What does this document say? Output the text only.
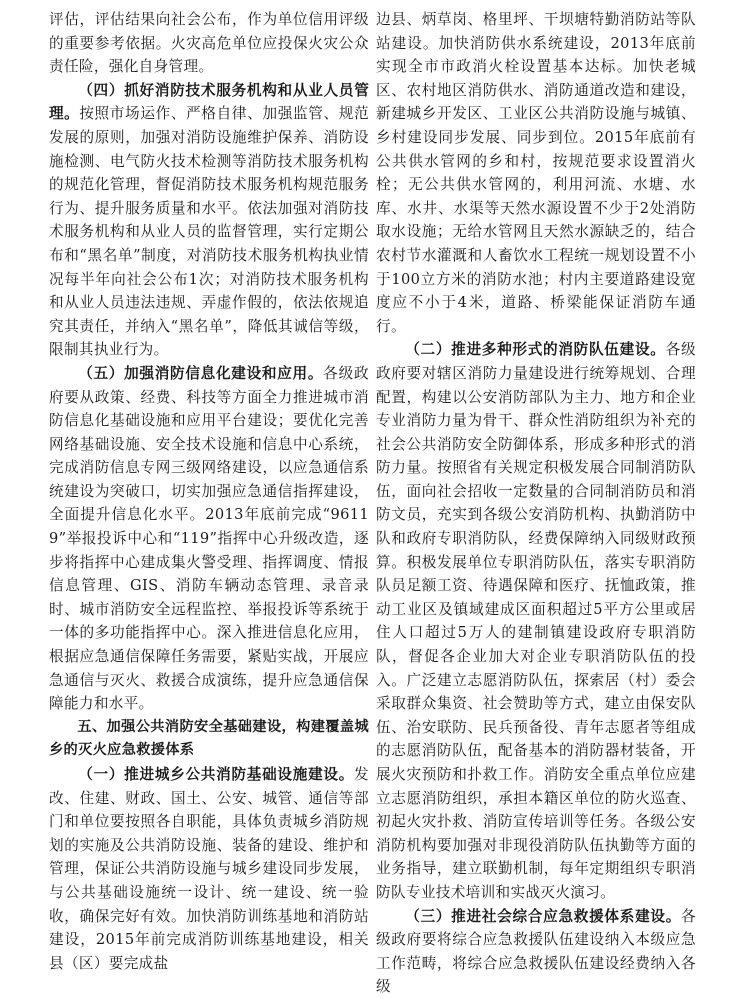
评估，评估结果向社会公布，作为单位信用评级的重要参考依据。火灾高危单位应投保火灾公众责任险，强化自身管理。

（四）抓好消防技术服务机构和从业人员管理。按照市场运作、严格自律、加强监管、规范发展的原则，加强对消防设施维护保养、消防设施检测、电气防火技术检测等消防技术服务机构的规范化管理，督促消防技术服务机构规范服务行为、提升服务质量和水平。依法加强对消防技术服务机构和从业人员的监督管理，实行定期公布和“黑名单”制度，对消防技术服务机构执业情况每半年向社会公布1次；对消防技术服务机构和从业人员违法违规、弄虚作假的，依法依规追究其责任，并纳入“黑名单”，降低其诚信等级，限制其执业行为。

（五）加强消防信息化建设和应用。各级政府要从政策、经费、科技等方面全力推进城市消防信息化基础设施和应用平台建设；要优化完善网络基础设施、安全技术设施和信息中心系统，完成消防信息专网三级网络建设，以应急通信系统建设为突破口，切实加强应急通信指挥建设，全面提升信息化水平。2013年底前完成“96119”举报投诉中心和“119”指挥中心升级改造，逐步将指挥中心建成集火警受理、指挥调度、情报信息管理、GIS、消防车辆动态管理、录音录时、城市消防安全远程监控、举报投诉等系统于一体的多功能指挥中心。深入推进信息化应用，根据应急通信保障任务需要，紧贴实战，开展应急通信与灭火、救援合成演练，提升应急通信保障能力和水平。

五、加强公共消防安全基础建设，构建覆盖城乡的灭火应急救援体系

（一）推进城乡公共消防基础设施建设。发改、住建、财政、国土、公安、城管、通信等部门和单位要按照各自职能，具体负责城乡消防规划的实施及公共消防设施、装备的建设、维护和管理，保证公共消防设施与城乡建设同步发展，与公共基础设施统一设计、统一建设、统一验收，确保完好有效。加快消防训练基地和消防站建设，2015年前完成消防训练基地建设，相关县（区）要完成盐

边县、炳草岗、格里坪、干坝塘特勤消防站等队站建设。加快消防供水系统建设，2013年底前实现全市市政消火栓设置基本达标。加快老城区、农村地区消防供水、消防通道改造和建设，新建城乡开发区、工业区公共消防设施与城镇、乡村建设同步发展、同步到位。2015年底前有公共供水管网的乡和村，按规范要求设置消火栓；无公共供水管网的，利用河流、水塘、水库、水井、水渠等天然水源设置不少于2处消防取水设施；无给水管网且天然水源缺乏的，结合农村节水灌溉和人畜饮水工程统一规划设置不小于100立方米的消防水池；村内主要道路建设宽度应不小于4米，道路、桥梁能保证消防车通行。

（二）推进多种形式的消防队伍建设。各级政府要对辖区消防力量建设进行统筹规划、合理配置，构建以公安消防部队为主力、地方和企业专业消防力量为骨干、群众性消防组织为补充的社会公共消防安全防御体系，形成多种形式的消防力量。按照省有关规定积极发展合同制消防队伍，面向社会招收一定数量的合同制消防员和消防文员，充实到各级公安消防机构、执勤消防中队和政府专职消防队，经费保障纳入同级财政预算。积极发展单位专职消防队伍，落实专职消防队员足额工资、待遇保障和医疗、抚恤政策，推动工业区及镇域建成区面积超过5平方公里或居住人口超过5万人的建制镇建设政府专职消防队，督促各企业加大对企业专职消防队伍的投入。广泛建立志愿消防队伍，探索居（村）委会采取群众集资、社会赞助等方式，建立由保安队伍、治安联防、民兵预备役、青年志愿者等组成的志愿消防队伍，配备基本的消防器材装备，开展火灾预防和扑救工作。消防安全重点单位应建立志愿消防组织，承担本籍区单位的防火巡查、初起火灾扑救、消防宣传培训等任务。各级公安消防机构要加强对非现役消防队伍执勤等方面的业务指导，建立联勤机制，每年定期组织专职消防队专业技术培训和实战灭火演习。

（三）推进社会综合应急救援体系建设。各级政府要将综合应急救援队伍建设纳入本级应急工作范畴，将综合应急救援队伍建设经费纳入各级
